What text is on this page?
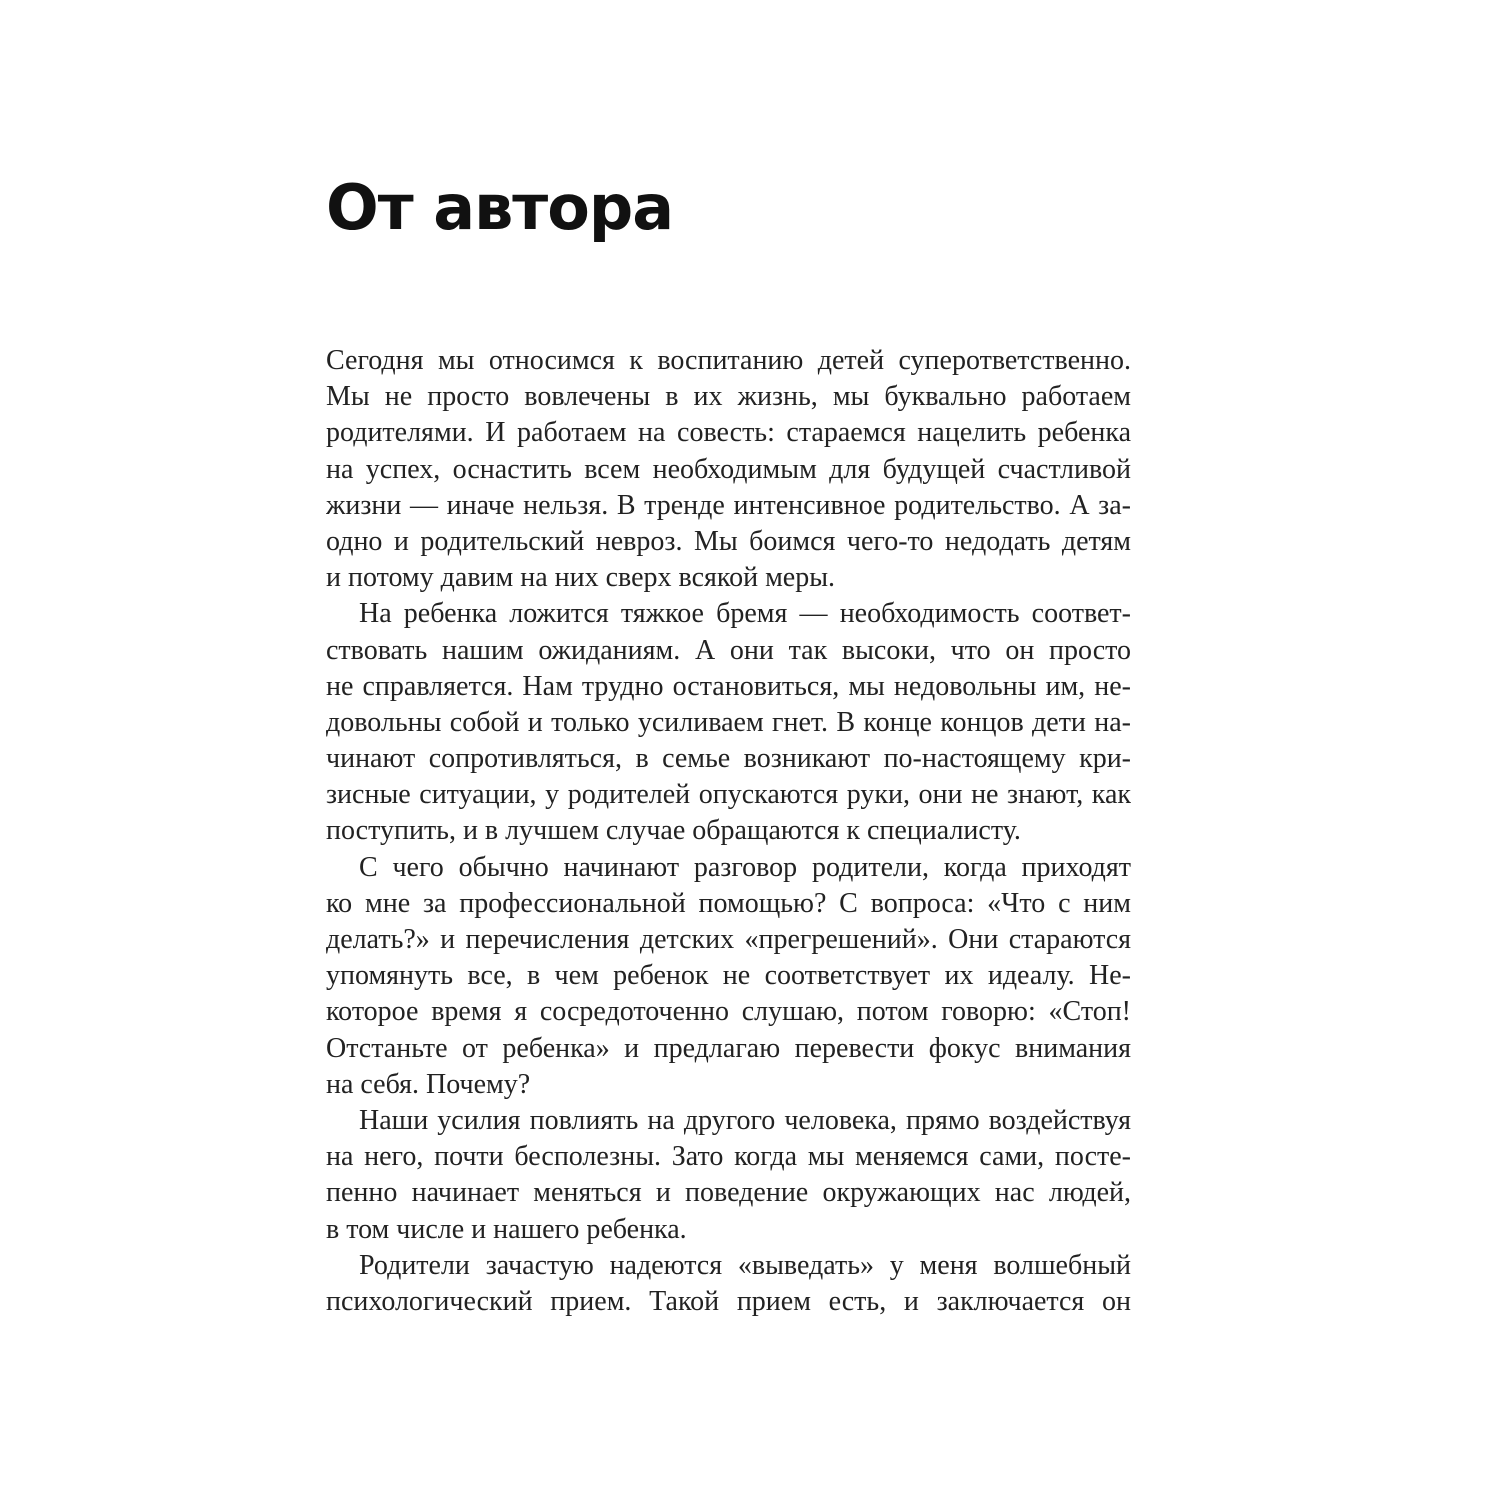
От автора
Сегодня мы относимся к воспитанию детей суперответственно.
Мы не просто вовлечены в их жизнь, мы буквально работаем
родителями. И работаем на совесть: стараемся нацелить ребенка
на успех, оснастить всем необходимым для будущей счастливой
жизни — иначе нельзя. В тренде интенсивное родительство. А за-
одно и родительский невроз. Мы боимся чего-то недодать детям
и потому давим на них сверх всякой меры.
На ребенка ложится тяжкое бремя — необходимость соответ-
ствовать нашим ожиданиям. А они так высоки, что он просто
не справляется. Нам трудно остановиться, мы недовольны им, не-
довольны собой и только усиливаем гнет. В конце концов дети на-
чинают сопротивляться, в семье возникают по-настоящему кри-
зисные ситуации, у родителей опускаются руки, они не знают, как
поступить, и в лучшем случае обращаются к специалисту.
С чего обычно начинают разговор родители, когда приходят
ко мне за профессиональной помощью? С вопроса: «Что с ним
делать?» и перечисления детских «прегрешений». Они стараются
упомянуть все, в чем ребенок не соответствует их идеалу. Не-
которое время я сосредоточенно слушаю, потом говорю: «Стоп!
Отстаньте от ребенка» и предлагаю перевести фокус внимания
на себя. Почему?
Наши усилия повлиять на другого человека, прямо воздействуя
на него, почти бесполезны. Зато когда мы меняемся сами, посте-
пенно начинает меняться и поведение окружающих нас людей,
в том числе и нашего ребенка.
Родители зачастую надеются «выведать» у меня волшебный
психологический прием. Такой прием есть, и заключается он
